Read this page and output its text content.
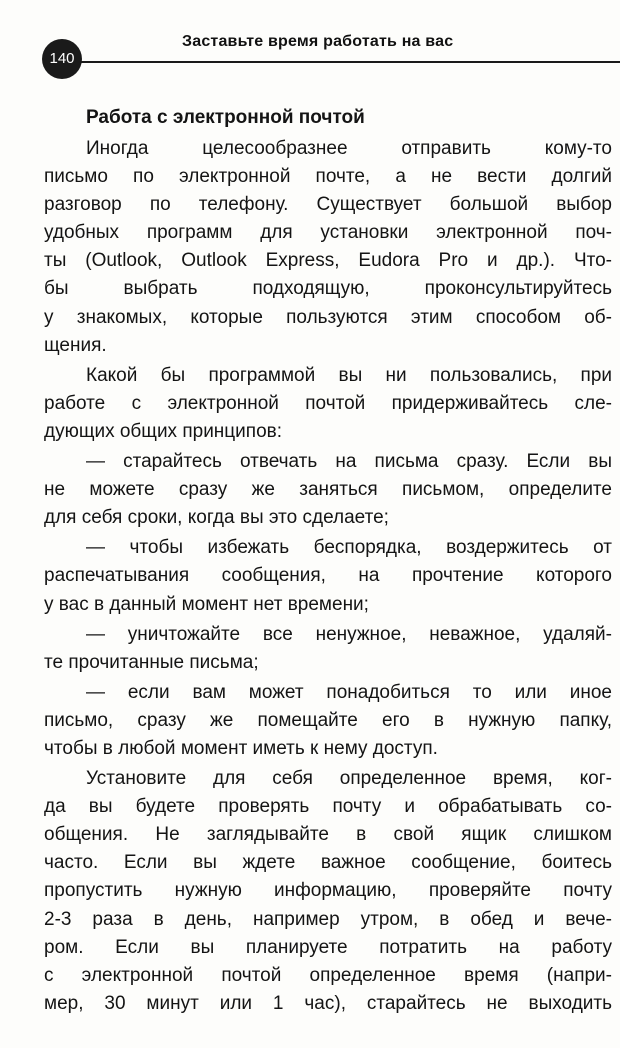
140
Заставьте время работать на вас
Работа с электронной почтой
Иногда целесообразнее отправить кому-то
письмо по электронной почте, а не вести долгий
разговор по телефону. Существует большой выбор
удобных программ для установки электронной поч-
ты (Outlook, Outlook Express, Eudora Pro и др.). Что-
бы выбрать подходящую, проконсультируйтесь
у знакомых, которые пользуются этим способом об-
щения.
Какой бы программой вы ни пользовались, при
работе с электронной почтой придерживайтесь сле-
дующих общих принципов:
— старайтесь отвечать на письма сразу. Если вы
не можете сразу же заняться письмом, определите
для себя сроки, когда вы это сделаете;
— чтобы избежать беспорядка, воздержитесь от
распечатывания сообщения, на прочтение которого
у вас в данный момент нет времени;
— уничтожайте все ненужное, неважное, удаляй-
те прочитанные письма;
— если вам может понадобиться то или иное
письмо, сразу же помещайте его в нужную папку,
чтобы в любой момент иметь к нему доступ.
Установите для себя определенное время, ког-
да вы будете проверять почту и обрабатывать со-
общения. Не заглядывайте в свой ящик слишком
часто. Если вы ждете важное сообщение, боитесь
пропустить нужную информацию, проверяйте почту
2-3 раза в день, например утром, в обед и вече-
ром. Если вы планируете потратить на работу
с электронной почтой определенное время (напри-
мер, 30 минут или 1 час), старайтесь не выходить
